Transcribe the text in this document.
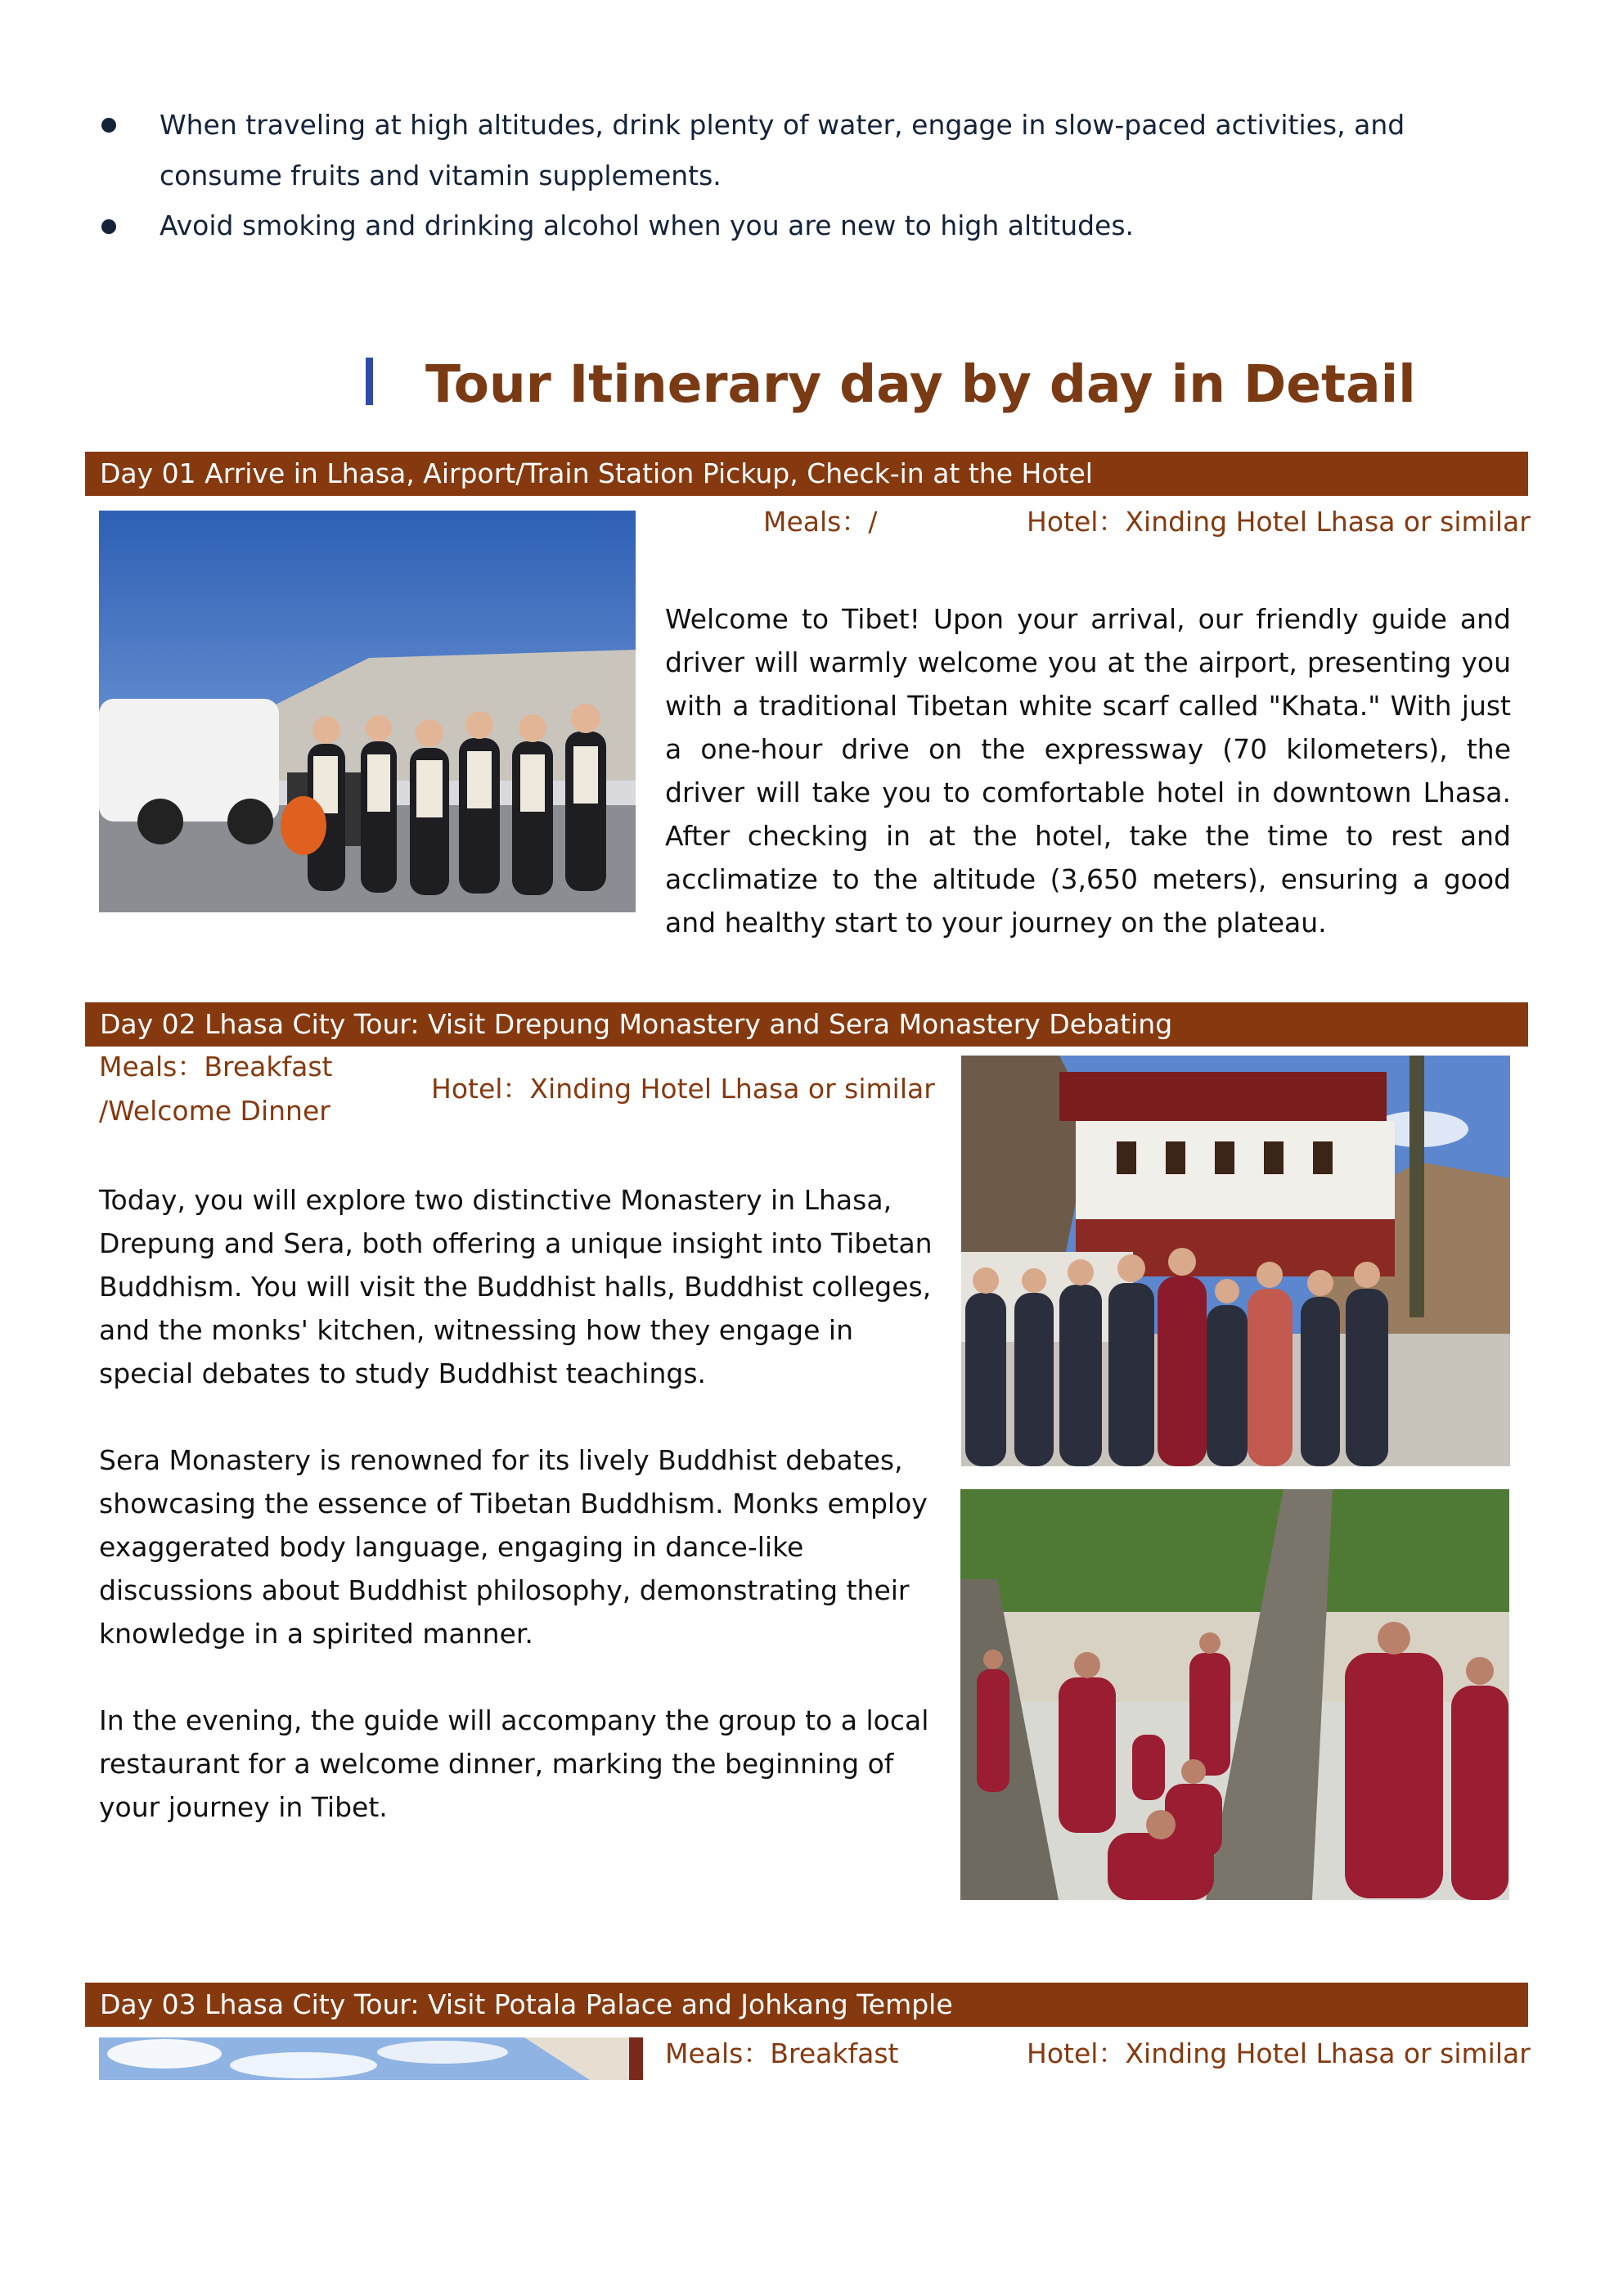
When traveling at high altitudes, drink plenty of water, engage in slow-paced activities, and consume fruits and vitamin supplements.
Avoid smoking and drinking alcohol when you are new to high altitudes.
Tour Itinerary day by day in Detail
Day 01 Arrive in Lhasa, Airport/Train Station Pickup, Check-in at the Hotel
Meals：/	Hotel：Xinding Hotel Lhasa or similar

Welcome to Tibet! Upon your arrival, our friendly guide and driver will warmly welcome you at the airport, presenting you with a traditional Tibetan white scarf called "Khata." With just a one-hour drive on the expressway (70 kilometers), the driver will take you to comfortable hotel in downtown Lhasa. After checking in at the hotel, take the time to rest and acclimatize to the altitude (3,650 meters), ensuring a good and healthy start to your journey on the plateau.

Day 02 Lhasa City Tour: Visit Drepung Monastery and Sera Monastery Debating
Meals：Breakfast /Welcome Dinner
Hotel：Xinding Hotel Lhasa or similar

Today, you will explore two distinctive Monastery in Lhasa, Drepung and Sera, both offering a unique insight into Tibetan Buddhism. You will visit the Buddhist halls, Buddhist colleges, and the monks' kitchen, witnessing how they engage in special debates to study Buddhist teachings.

Sera Monastery is renowned for its lively Buddhist debates, showcasing the essence of Tibetan Buddhism. Monks employ exaggerated body language, engaging in dance-like discussions about Buddhist philosophy, demonstrating their knowledge in a spirited manner.

In the evening, the guide will accompany the group to a local restaurant for a welcome dinner, marking the beginning of your journey in Tibet.

Day 03 Lhasa City Tour: Visit Potala Palace and Johkang Temple
Meals：Breakfast	Hotel：Xinding Hotel Lhasa or similar
